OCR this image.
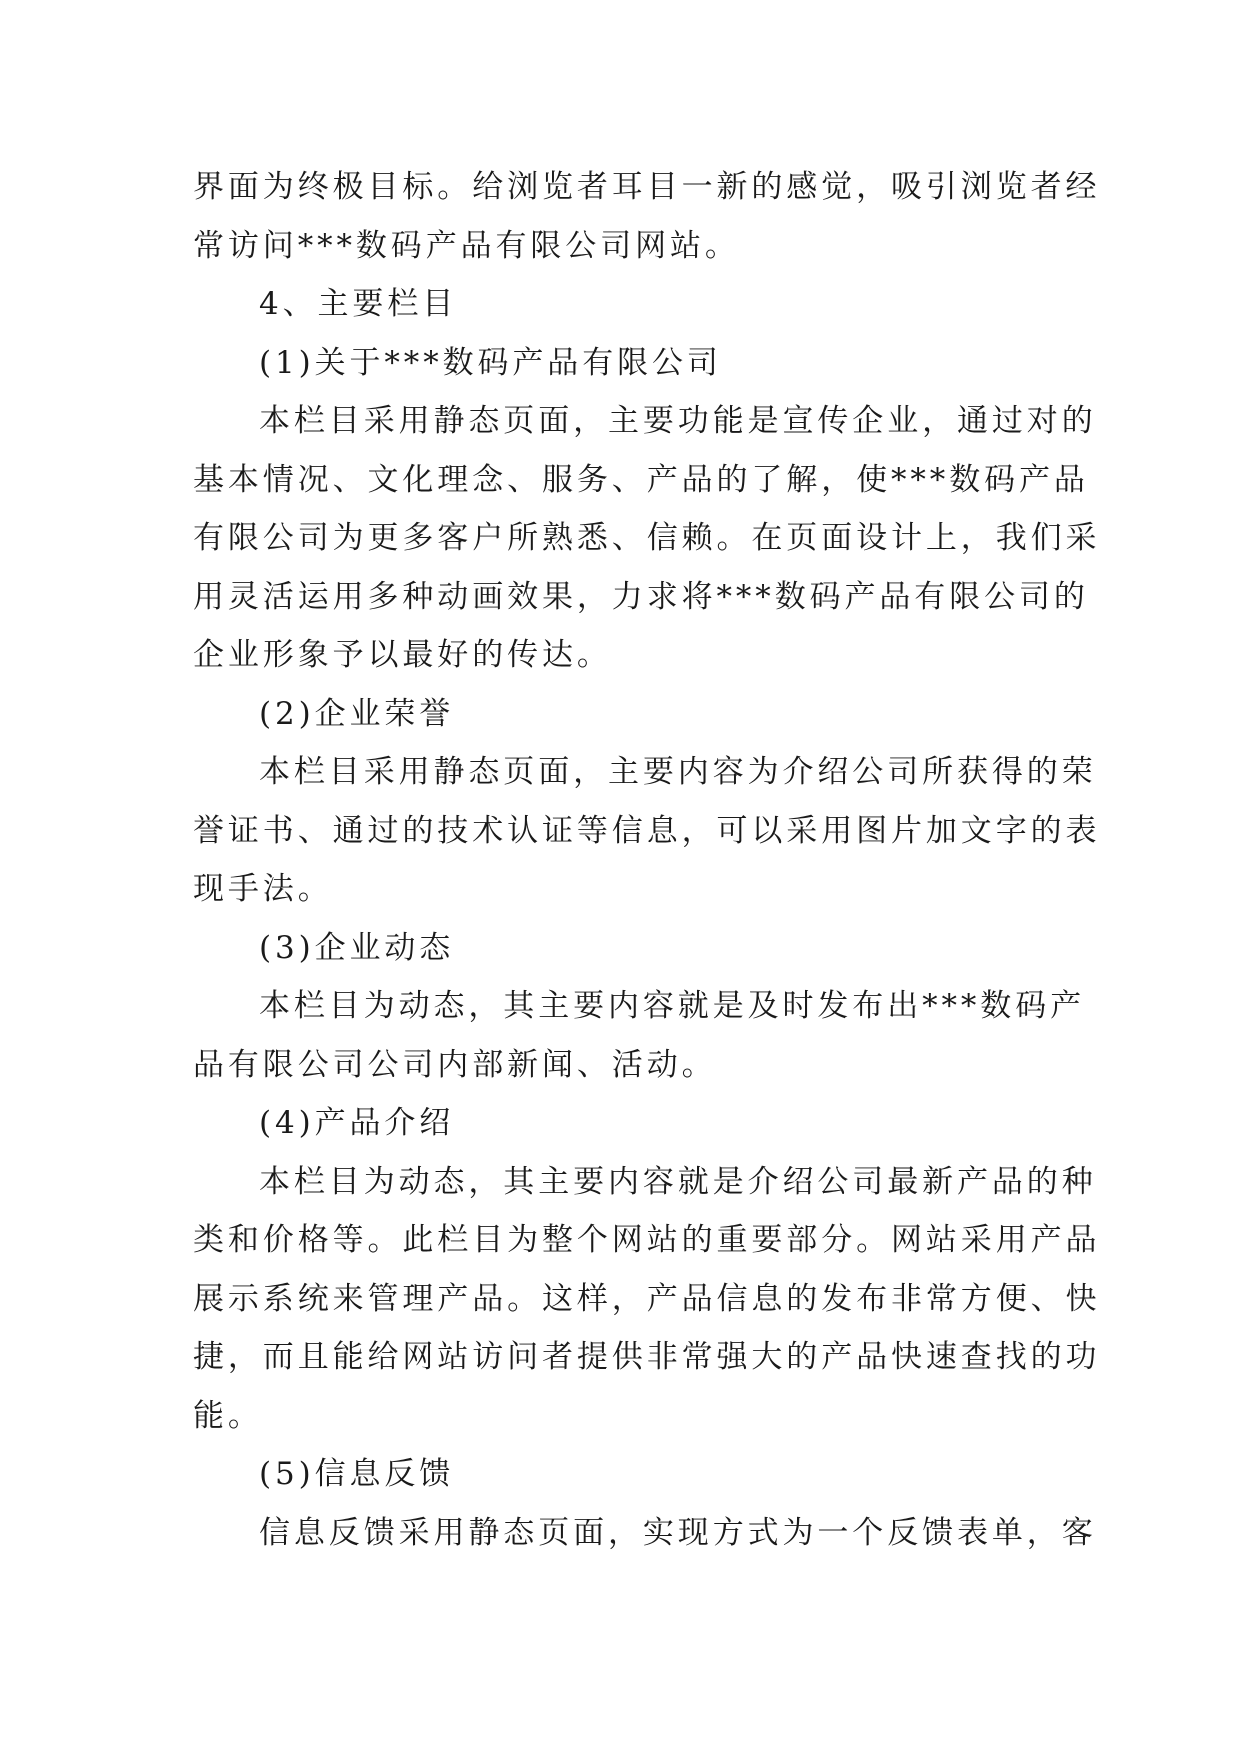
界面为终极目标。给浏览者耳目一新的感觉，吸引浏览者经
常访问***数码产品有限公司网站。
4、主要栏目
(1)关于***数码产品有限公司
本栏目采用静态页面，主要功能是宣传企业，通过对的
基本情况、文化理念、服务、产品的了解，使***数码产品
有限公司为更多客户所熟悉、信赖。在页面设计上，我们采
用灵活运用多种动画效果，力求将***数码产品有限公司的
企业形象予以最好的传达。
(2)企业荣誉
本栏目采用静态页面，主要内容为介绍公司所获得的荣
誉证书、通过的技术认证等信息，可以采用图片加文字的表
现手法。
(3)企业动态
本栏目为动态，其主要内容就是及时发布出***数码产
品有限公司公司内部新闻、活动。
(4)产品介绍
本栏目为动态，其主要内容就是介绍公司最新产品的种
类和价格等。此栏目为整个网站的重要部分。网站采用产品
展示系统来管理产品。这样，产品信息的发布非常方便、快
捷，而且能给网站访问者提供非常强大的产品快速查找的功
能。
(5)信息反馈
信息反馈采用静态页面，实现方式为一个反馈表单，客
